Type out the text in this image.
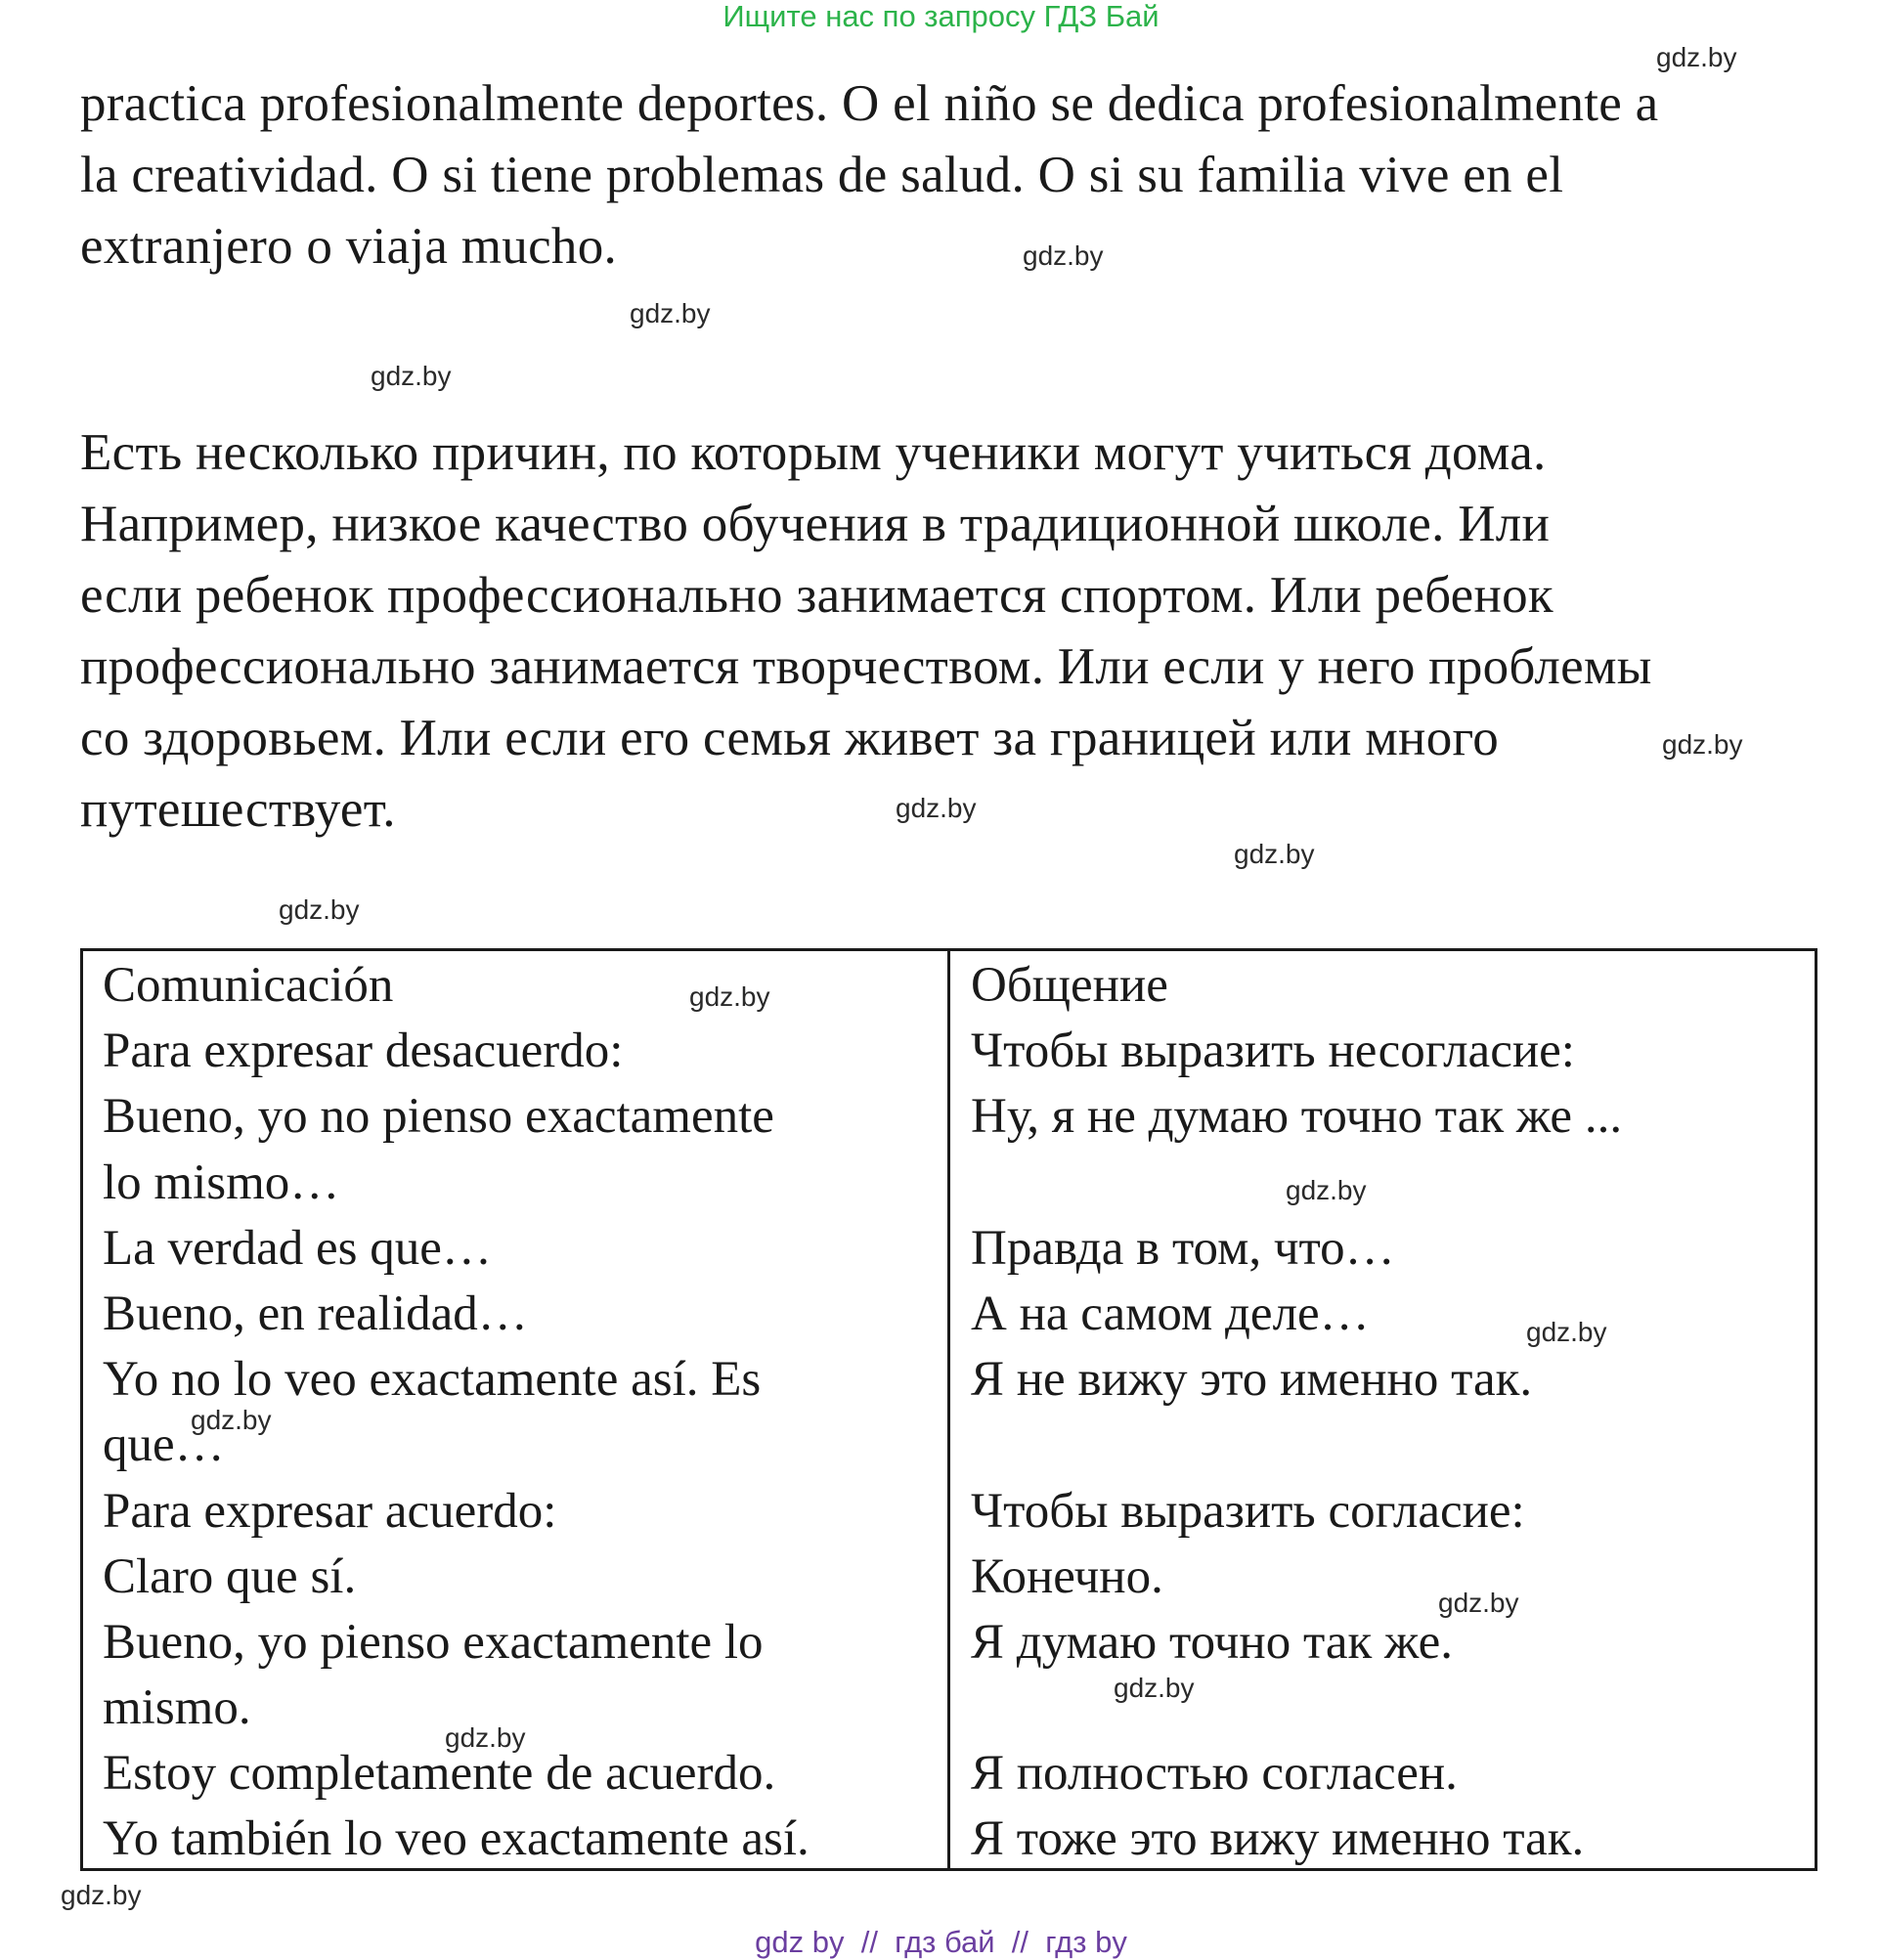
Ищите нас по запросу ГДЗ Бай
gdz.by
practica profesionalmente deportes. O el niño se dedica profesionalmente a
la creatividad. O si tiene problemas de salud. O si su familia vive en el
extranjero o viaja mucho.	gdz.by
gdz.by
gdz.by
Есть несколько причин, по которым ученики могут учиться дома.
Например, низкое качество обучения в традиционной школе. Или
если ребенок профессионально занимается спортом. Или ребенок
профессионально занимается творчеством. Или если у него проблемы
со здоровьем. Или если его семья живет за границей или много
путешествует.
gdz.by
gdz.by
gdz.by
gdz.by
Comunicación
Para expresar desacuerdo:
Bueno, yo no pienso exactamente
lo mismo…
La verdad es que…
Bueno, en realidad…
Yo no lo veo exactamente así. Es
que…
Para expresar acuerdo:
Claro que sí.
Bueno, yo pienso exactamente lo
mismo.
Estoy completamente de acuerdo.
Yo también lo veo exactamente así.
Общение
Чтобы выразить несогласие:
Ну, я не думаю точно так же ...
Правда в том, что…
А на самом деле…
Я не вижу это именно так.
Чтобы выразить согласие:
Конечно.
Я думаю точно так же.
Я полностью согласен.
Я тоже это вижу именно так.
gdz.by
gdz.by
gdz.by
gdz.by
gdz.by
gdz.by
gdz.by
gdz.by
gdz by  //  гдз бай  //  гдз by
